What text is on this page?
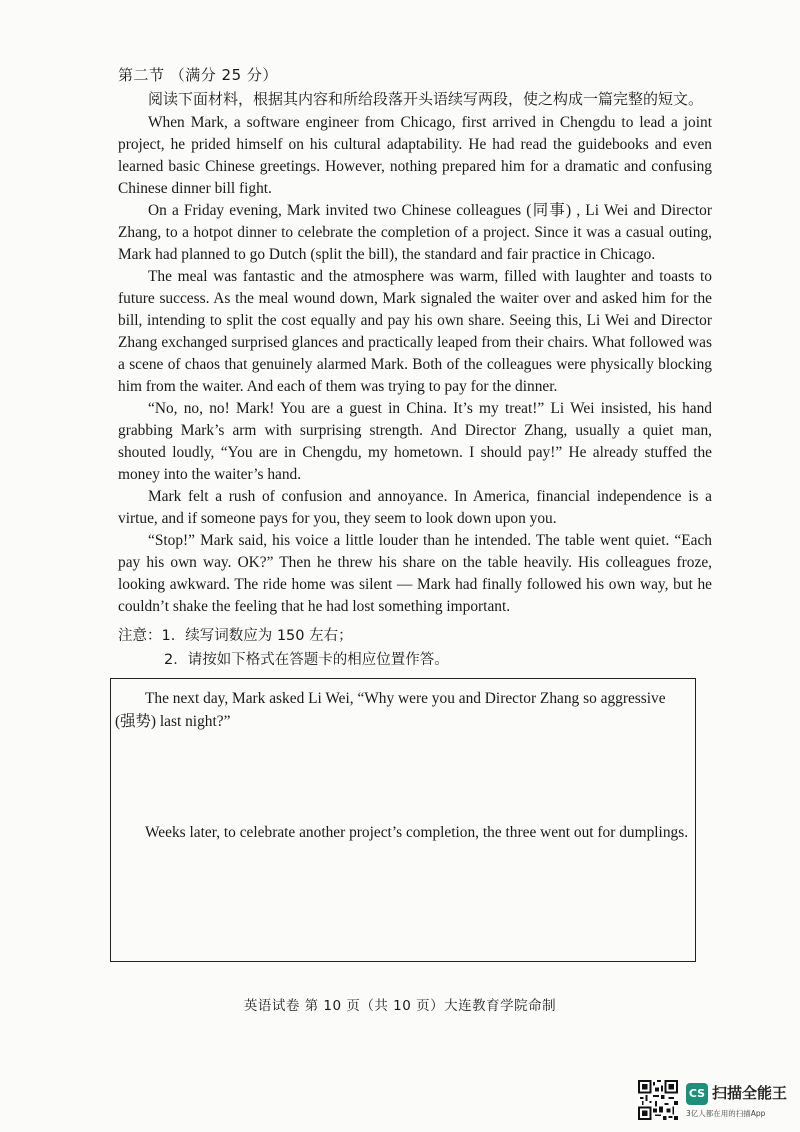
第二节 （满分 25 分）
阅读下面材料，根据其内容和所给段落开头语续写两段，使之构成一篇完整的短文。

When Mark, a software engineer from Chicago, first arrived in Chengdu to lead a joint project, he prided himself on his cultural adaptability. He had read the guidebooks and even learned basic Chinese greetings. However, nothing prepared him for a dramatic and confusing Chinese dinner bill fight.

On a Friday evening, Mark invited two Chinese colleagues (同事) , Li Wei and Director Zhang, to a hotpot dinner to celebrate the completion of a project. Since it was a casual outing, Mark had planned to go Dutch (split the bill), the standard and fair practice in Chicago.

The meal was fantastic and the atmosphere was warm, filled with laughter and toasts to future success. As the meal wound down, Mark signaled the waiter over and asked him for the bill, intending to split the cost equally and pay his own share. Seeing this, Li Wei and Director Zhang exchanged surprised glances and practically leaped from their chairs. What followed was a scene of chaos that genuinely alarmed Mark. Both of the colleagues were physically blocking him from the waiter. And each of them was trying to pay for the dinner.

“No, no, no! Mark! You are a guest in China. It’s my treat!” Li Wei insisted, his hand grabbing Mark’s arm with surprising strength. And Director Zhang, usually a quiet man, shouted loudly, “You are in Chengdu, my hometown. I should pay!” He already stuffed the money into the waiter’s hand.

Mark felt a rush of confusion and annoyance. In America, financial independence is a virtue, and if someone pays for you, they seem to look down upon you.

“Stop!” Mark said, his voice a little louder than he intended. The table went quiet. “Each pay his own way. OK?” Then he threw his share on the table heavily. His colleagues froze, looking awkward. The ride home was silent — Mark had finally followed his own way, but he couldn’t shake the feeling that he had lost something important.

注意：1．续写词数应为 150 左右；
2．请按如下格式在答题卡的相应位置作答。
The next day, Mark asked Li Wei, “Why were you and Director Zhang so aggressive (强势) last night?”
Weeks later, to celebrate another project’s completion, the three went out for dumplings.
英语试卷 第 10 页（共 10 页）大连教育学院命制
CS 扫描全能王
3亿人都在用的扫描App
